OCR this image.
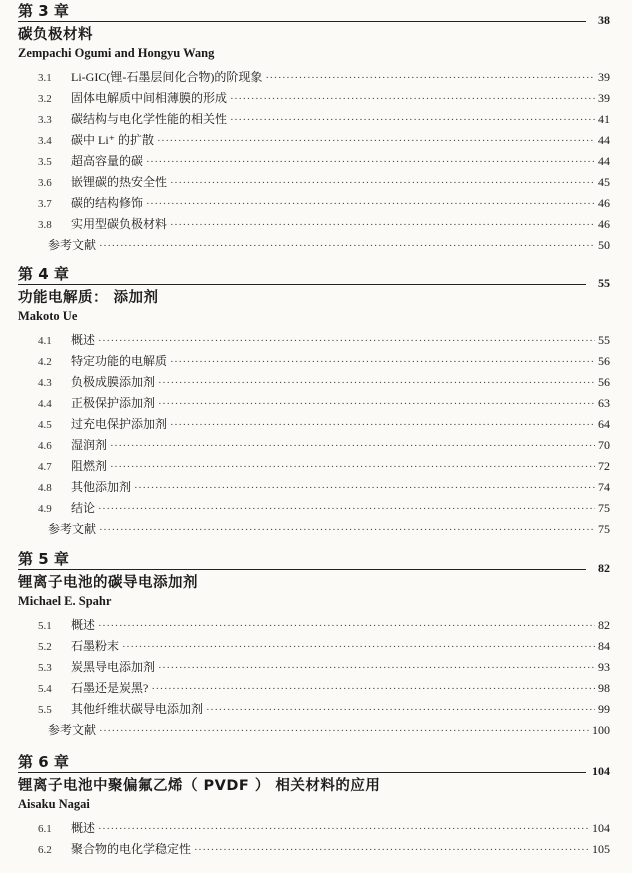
第 3 章	38
碳负极材料
Zempachi Ogumi and Hongyu Wang
3.1	Li-GIC(锂-石墨层间化合物)的阶现象 ·····	39
3.2	固体电解质中间相薄膜的形成 ·····	39
3.3	碳结构与电化学性能的相关性 ·····	41
3.4	碳中 Li⁺ 的扩散 ·····	44
3.5	超高容量的碳 ·····	44
3.6	嵌锂碳的热安全性 ·····	45
3.7	碳的结构修饰 ·····	46
3.8	实用型碳负极材料 ·····	46
参考文献 ·····	50
第 4 章	55
功能电解质： 添加剂
Makoto Ue
4.1	概述 ·····	55
4.2	特定功能的电解质 ·····	56
4.3	负极成膜添加剂 ·····	56
4.4	正极保护添加剂 ·····	63
4.5	过充电保护添加剂 ·····	64
4.6	湿润剂 ·····	70
4.7	阻燃剂 ·····	72
4.8	其他添加剂 ·····	74
4.9	结论 ·····	75
参考文献 ·····	75
第 5 章	82
锂离子电池的碳导电添加剂
Michael E. Spahr
5.1	概述 ·····	82
5.2	石墨粉末 ·····	84
5.3	炭黑导电添加剂 ·····	93
5.4	石墨还是炭黑? ·····	98
5.5	其他纤维状碳导电添加剂 ·····	99
参考文献 ·····	100
第 6 章	104
锂离子电池中聚偏氟乙烯（ PVDF ） 相关材料的应用
Aisaku Nagai
6.1	概述 ·····	104
6.2	聚合物的电化学稳定性 ·····	105
